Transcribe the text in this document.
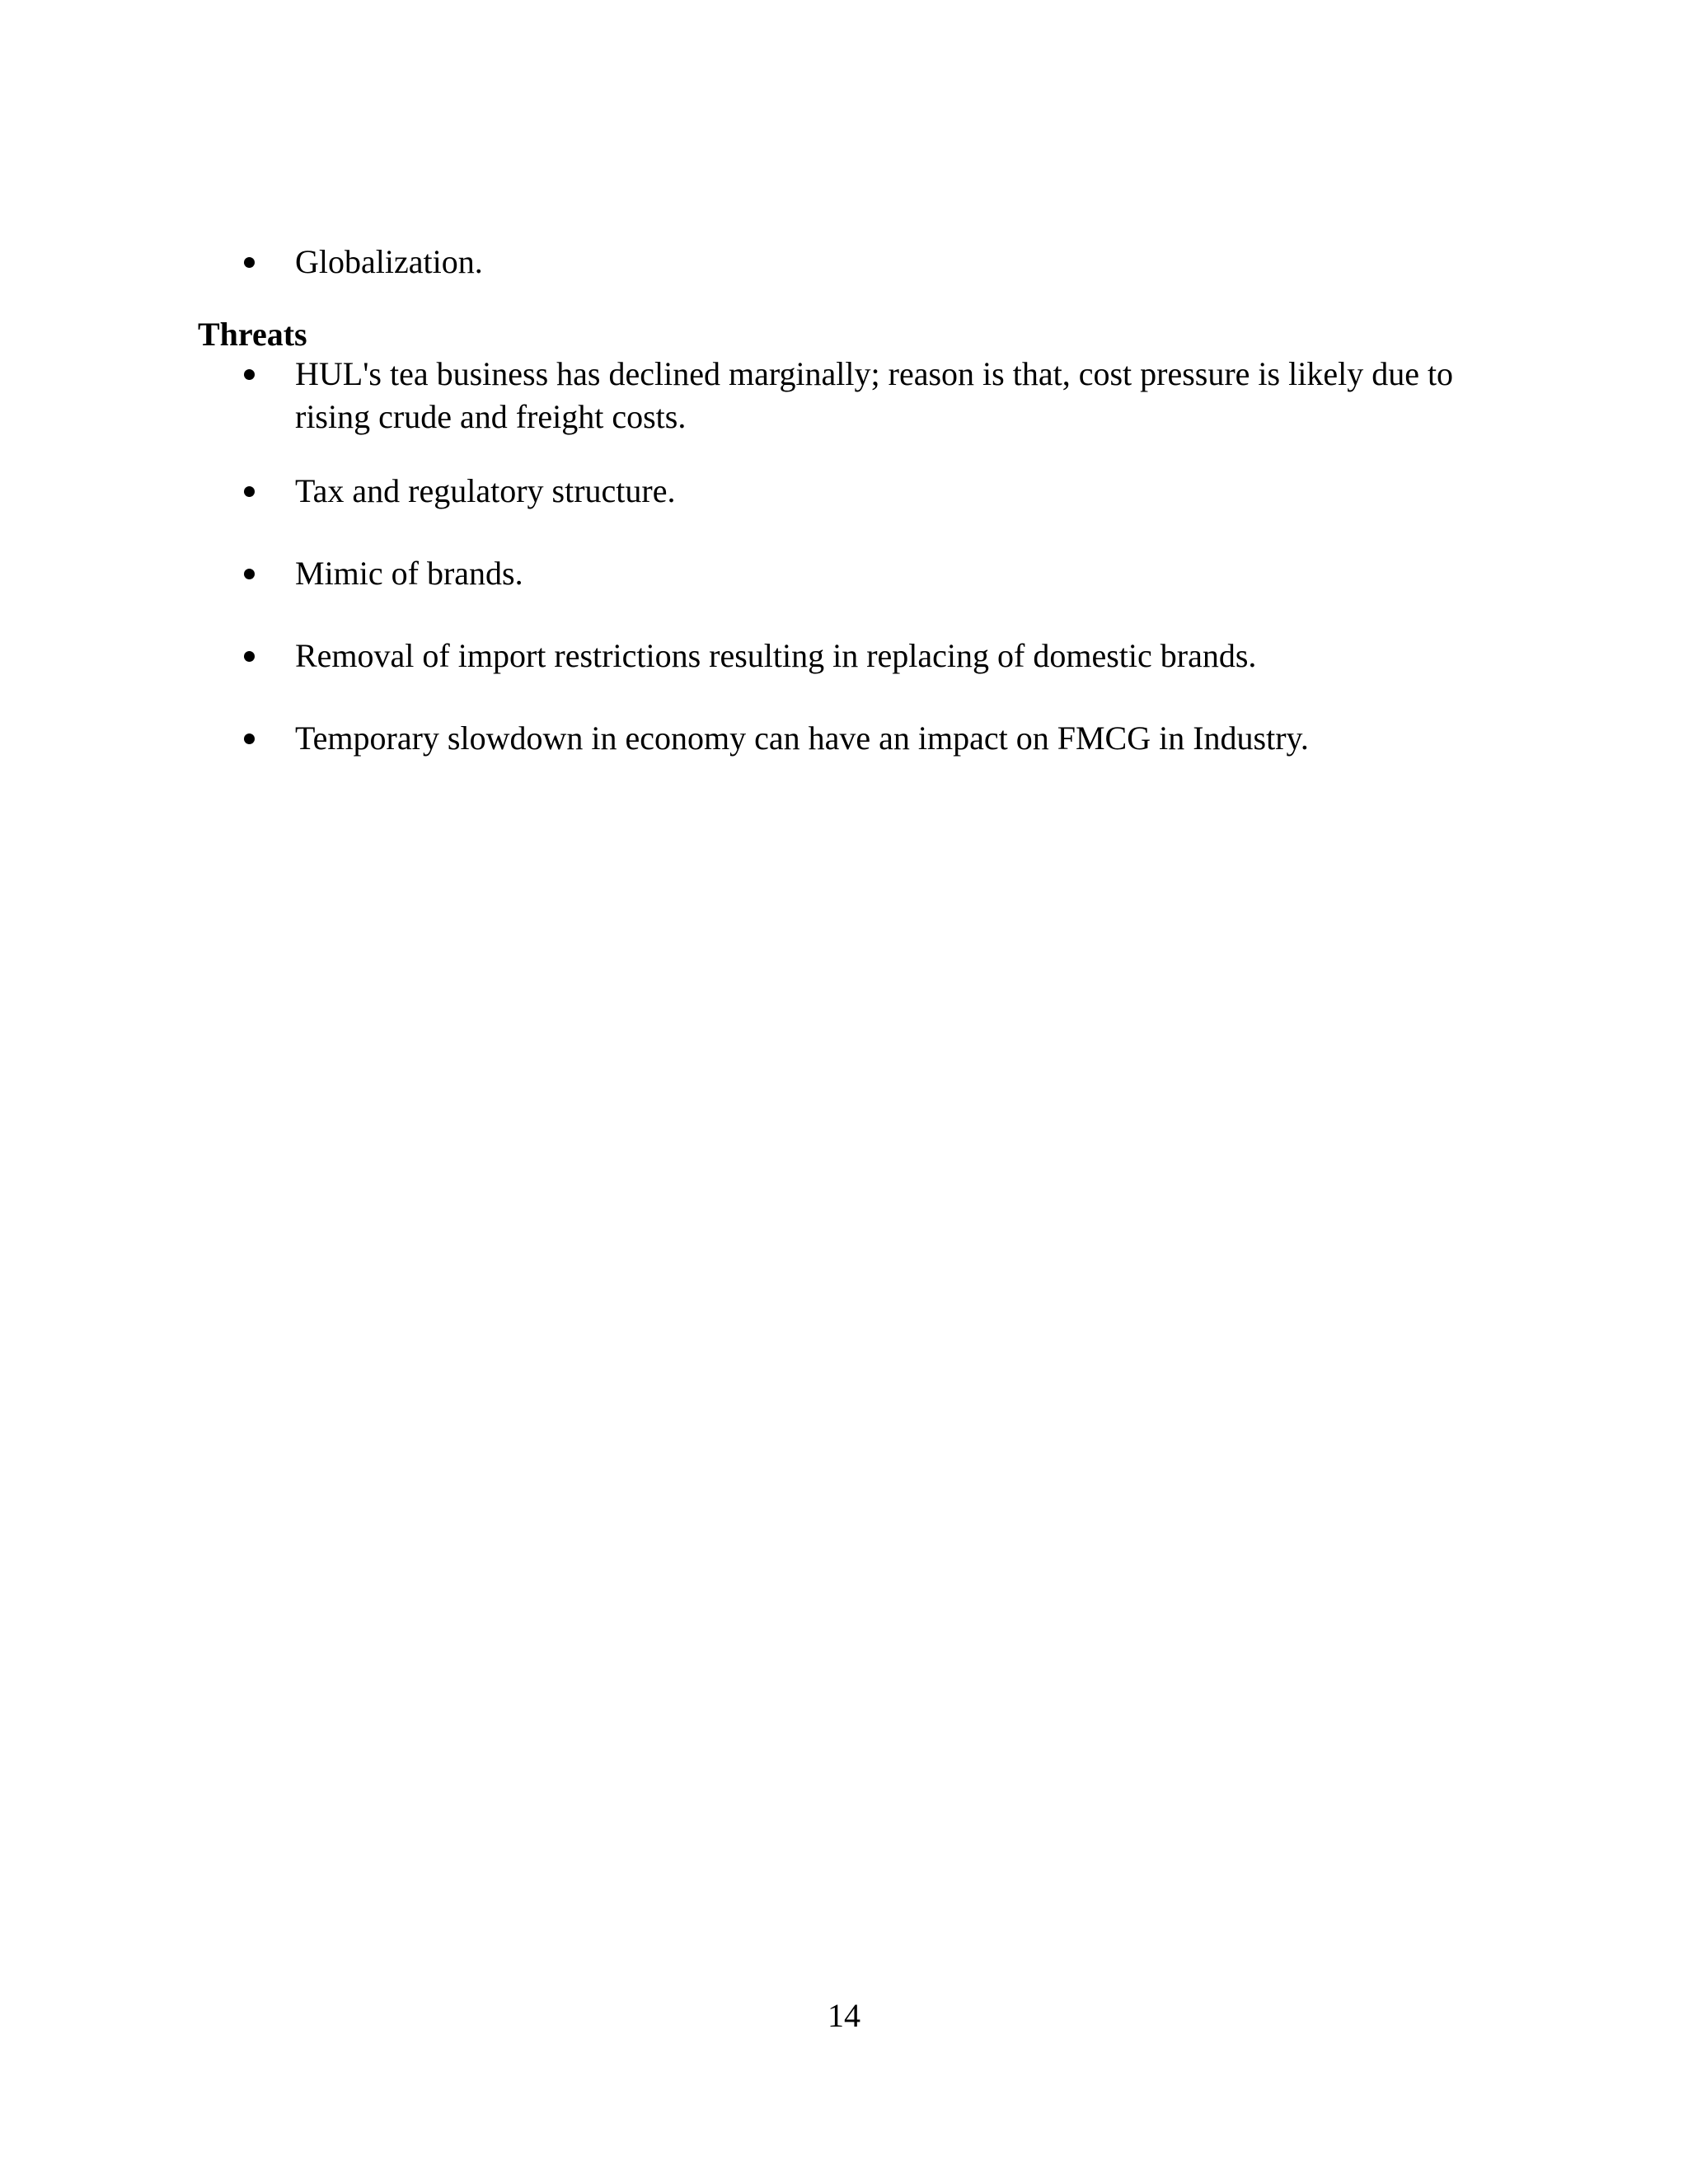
Globalization.
Threats
HUL's tea business has declined marginally; reason is that, cost pressure is likely due to rising crude and freight costs.
Tax and regulatory structure.
Mimic of brands.
Removal of import restrictions resulting in replacing of domestic brands.
Temporary slowdown in economy can have an impact on FMCG in Industry.
14
